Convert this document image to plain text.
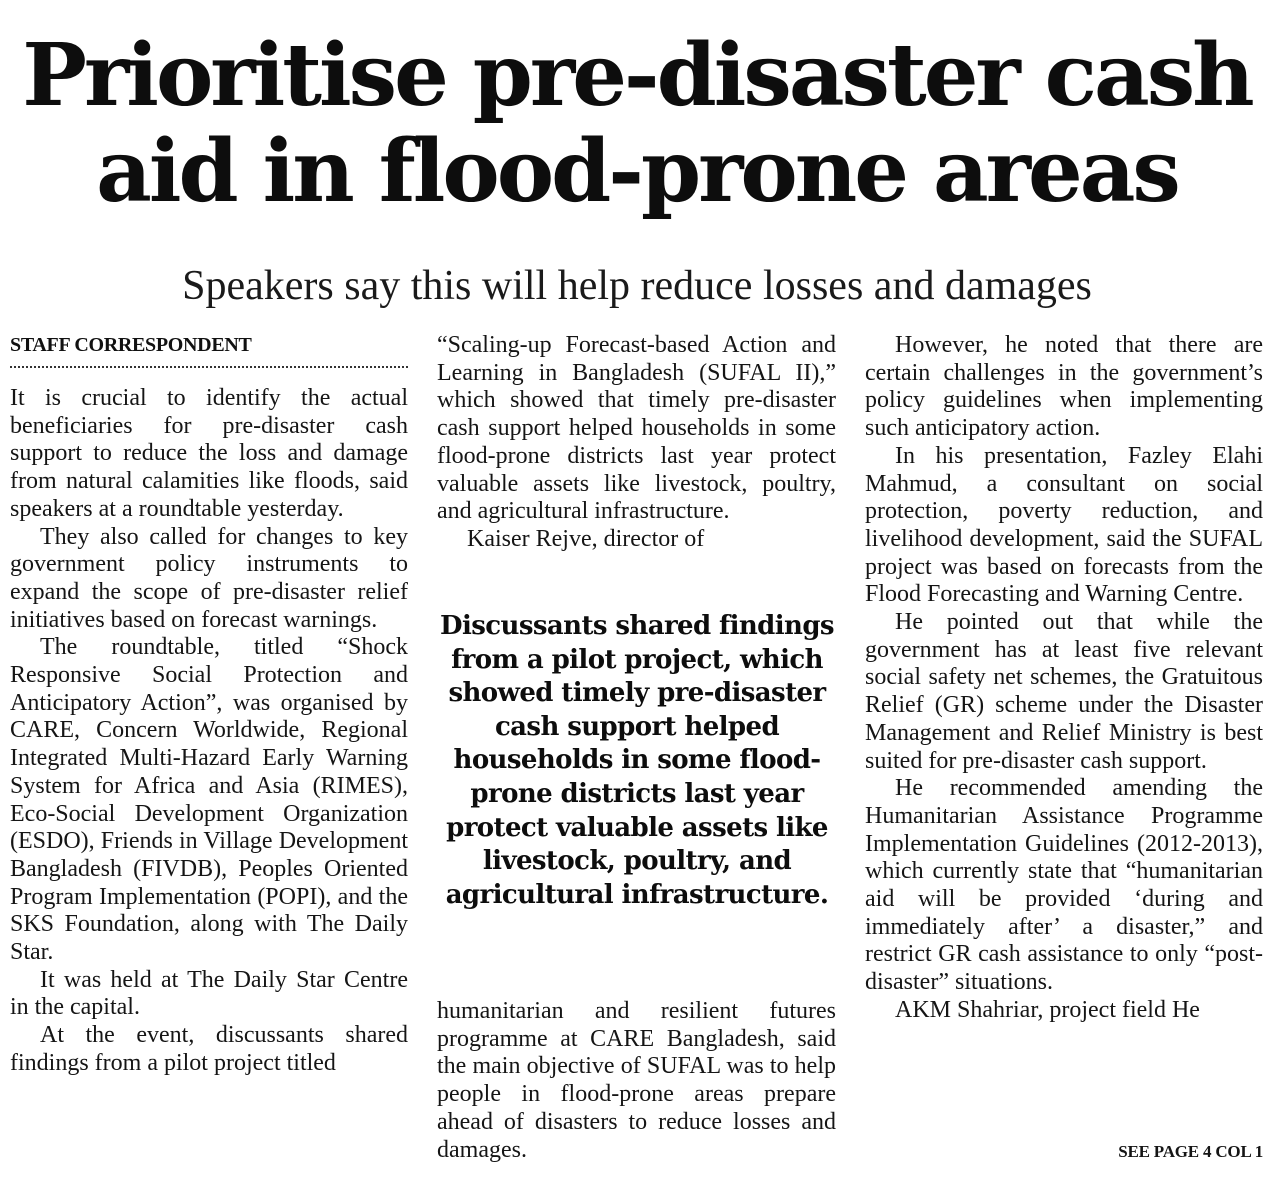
Prioritise pre-disaster cash
aid in flood-prone areas
Speakers say this will help reduce losses and damages
STAFF CORRESPONDENT

It is crucial to identify the actual beneficiaries for pre-disaster cash support to reduce the loss and damage from natural calamities like floods, said speakers at a roundtable yesterday.

They also called for changes to key government policy instruments to expand the scope of pre-disaster relief initiatives based on forecast warnings.

The roundtable, titled “Shock Responsive Social Protection and Anticipatory Action”, was organised by CARE, Concern Worldwide, Regional Integrated Multi-Hazard Early Warning System for Africa and Asia (RIMES), Eco-Social Development Organization (ESDO), Friends in Village Development Bangladesh (FIVDB), Peoples Oriented Program Implementation (POPI), and the SKS Foundation, along with The Daily Star.

It was held at The Daily Star Centre in the capital.

At the event, discussants shared findings from a pilot project titled

“Scaling-up Forecast-based Action and Learning in Bangladesh (SUFAL II),” which showed that timely pre-disaster cash support helped households in some flood-prone districts last year protect valuable assets like livestock, poultry, and agricultural infrastructure.

Kaiser Rejve, director of

Discussants shared findings from a pilot project, which showed timely pre-disaster cash support helped households in some flood-prone districts last year protect valuable assets like livestock, poultry, and agricultural infrastructure.

humanitarian and resilient futures programme at CARE Bangladesh, said the main objective of SUFAL was to help people in flood-prone areas prepare ahead of disasters to reduce losses and damages.

However, he noted that there are certain challenges in the government’s policy guidelines when implementing such anticipatory action.

In his presentation, Fazley Elahi Mahmud, a consultant on social protection, poverty reduction, and livelihood development, said the SUFAL project was based on forecasts from the Flood Forecasting and Warning Centre.

He pointed out that while the government has at least five relevant social safety net schemes, the Gratuitous Relief (GR) scheme under the Disaster Management and Relief Ministry is best suited for pre-disaster cash support.

He recommended amending the Humanitarian Assistance Programme Implementation Guidelines (2012-2013), which currently state that “humanitarian aid will be provided ‘during and immediately after’ a disaster,” and restrict GR cash assistance to only “post-disaster” situations.

AKM Shahriar, project field He

SEE PAGE 4 COL 1
